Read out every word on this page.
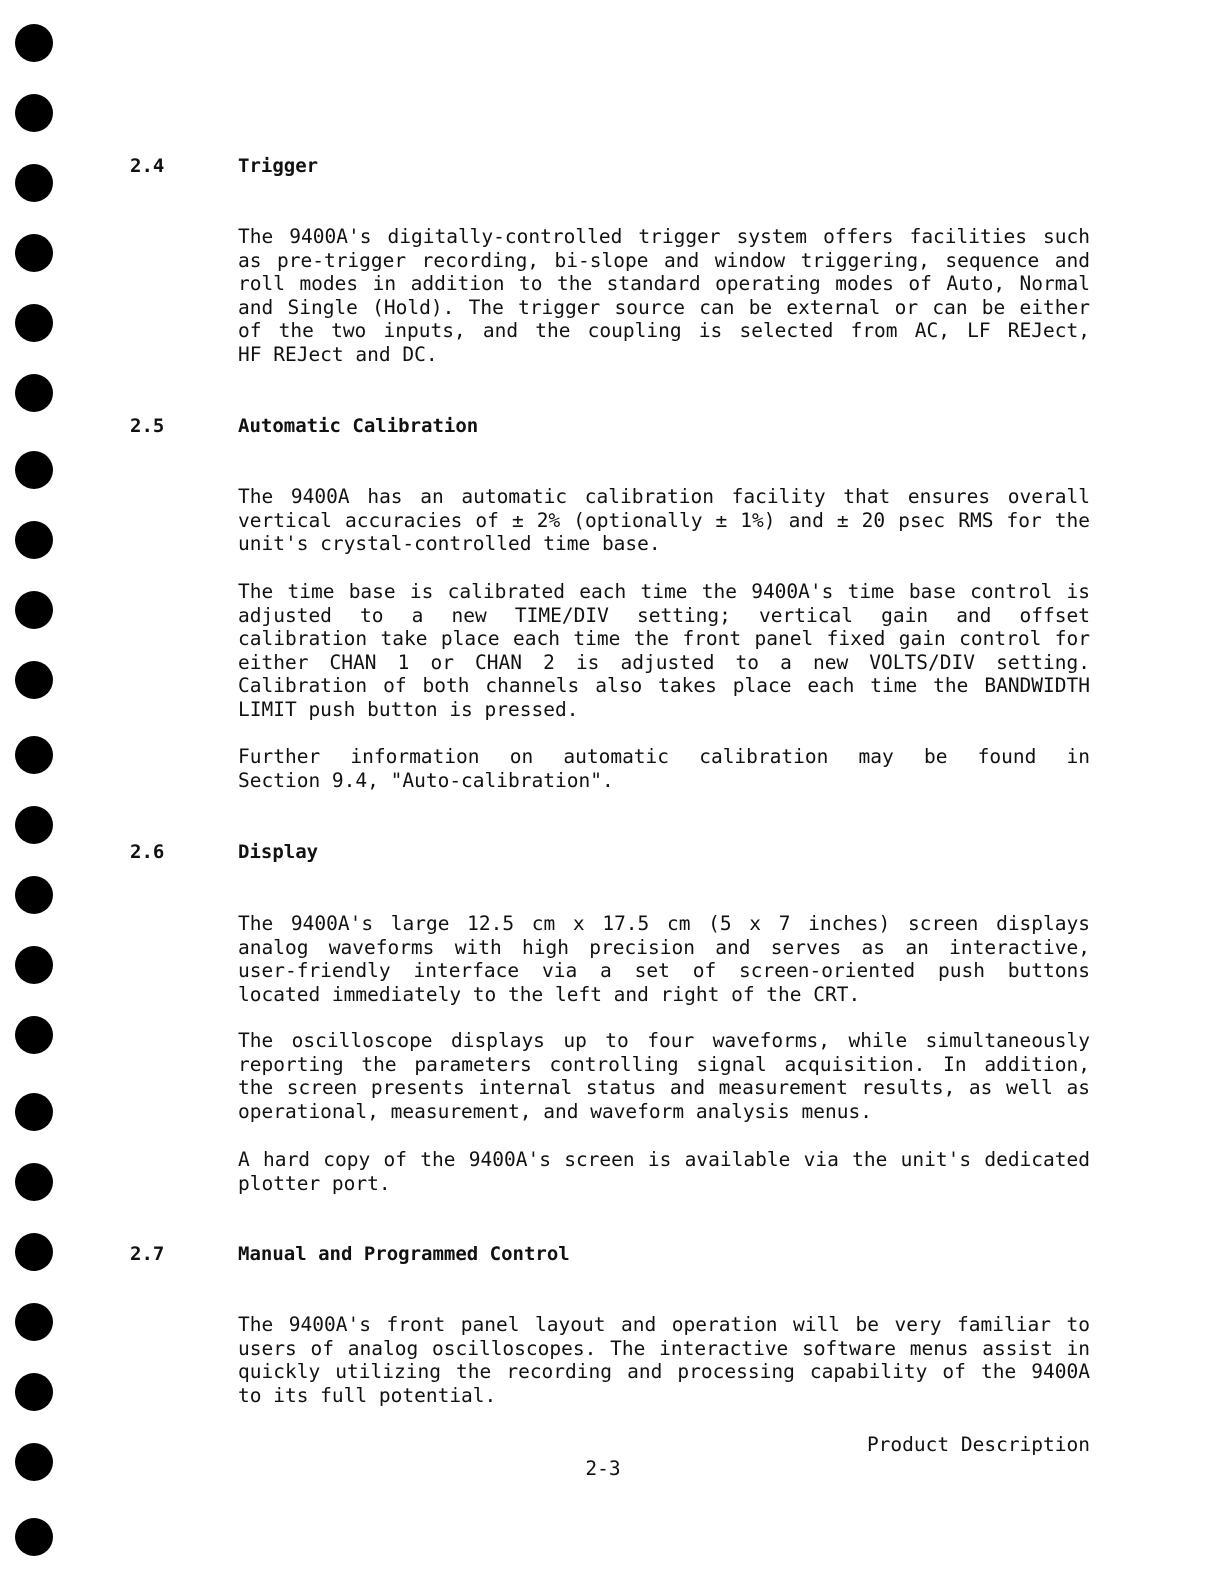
2.4	Trigger
The 9400A's digitally-controlled trigger system offers facilities such
as pre-trigger recording, bi-slope and window triggering, sequence and
roll modes in addition to the standard operating modes of Auto, Normal
and Single (Hold). The trigger source can be external or can be either
of the two inputs, and the coupling is selected from AC, LF REJect,
HF REJect and DC.
2.5	Automatic Calibration
The 9400A has an automatic calibration facility that ensures overall
vertical accuracies of ± 2% (optionally ± 1%) and ± 20 psec RMS for the
unit's crystal-controlled time base.
The time base is calibrated each time the 9400A's time base control is
adjusted to a new TIME/DIV setting; vertical gain and offset
calibration take place each time the front panel fixed gain control for
either CHAN 1 or CHAN 2 is adjusted to a new VOLTS/DIV setting.
Calibration of both channels also takes place each time the BANDWIDTH
LIMIT push button is pressed.
Further information on automatic calibration may be found in
Section 9.4, "Auto-calibration".
2.6	Display
The 9400A's large 12.5 cm x 17.5 cm (5 x 7 inches) screen displays
analog waveforms with high precision and serves as an interactive,
user-friendly interface via a set of screen-oriented push buttons
located immediately to the left and right of the CRT.
The oscilloscope displays up to four waveforms, while simultaneously
reporting the parameters controlling signal acquisition. In addition,
the screen presents internal status and measurement results, as well as
operational, measurement, and waveform analysis menus.
A hard copy of the 9400A's screen is available via the unit's dedicated
plotter port.
2.7	Manual and Programmed Control
The 9400A's front panel layout and operation will be very familiar to
users of analog oscilloscopes. The interactive software menus assist in
quickly utilizing the recording and processing capability of the 9400A
to its full potential.
Product Description
2-3
